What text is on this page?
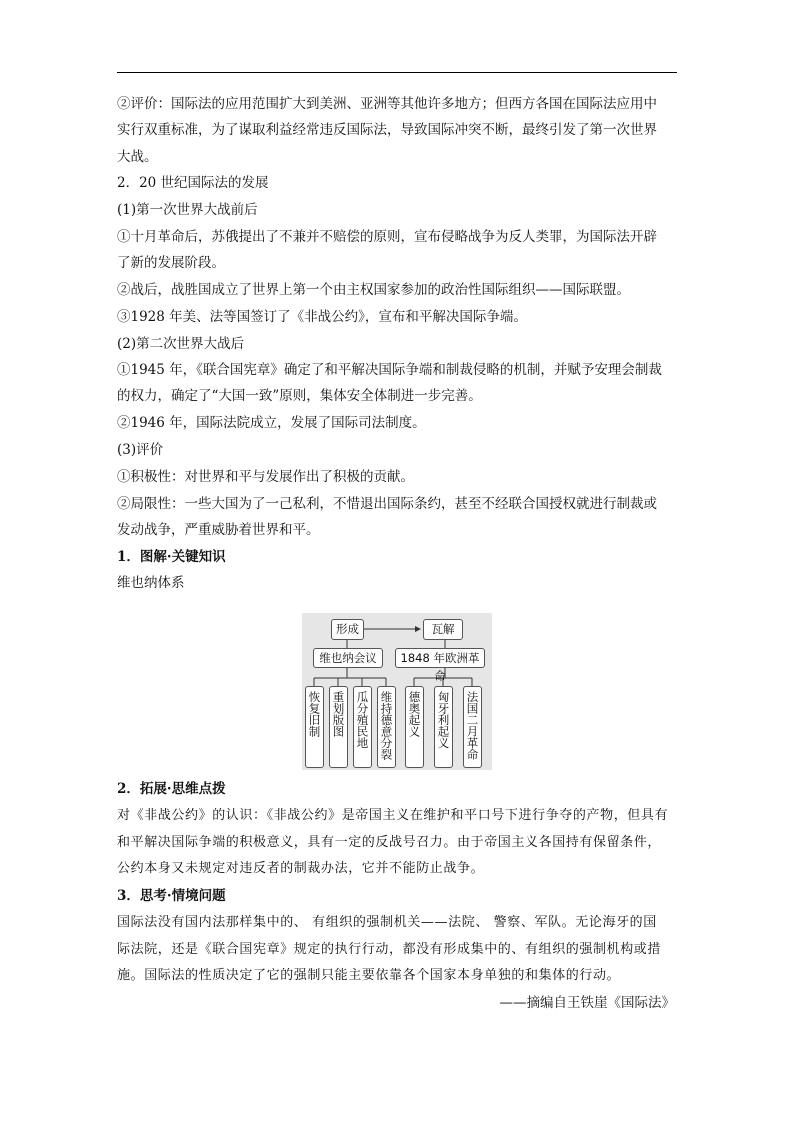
②评价：国际法的应用范围扩大到美洲、亚洲等其他许多地方；但西方各国在国际法应用中
实行双重标准，为了谋取利益经常违反国际法，导致国际冲突不断，最终引发了第一次世界
大战。
2．20 世纪国际法的发展
(1)第一次世界大战前后
①十月革命后，苏俄提出了不兼并不赔偿的原则，宣布侵略战争为反人类罪，为国际法开辟
了新的发展阶段。
②战后，战胜国成立了世界上第一个由主权国家参加的政治性国际组织——国际联盟。
③1928 年美、法等国签订了《非战公约》，宣布和平解决国际争端。
(2)第二次世界大战后
①1945 年，《联合国宪章》确定了和平解决国际争端和制裁侵略的机制，并赋予安理会制裁
的权力，确定了“大国一致”原则，集体安全体制进一步完善。
②1946 年，国际法院成立，发展了国际司法制度。
(3)评价
①积极性：对世界和平与发展作出了积极的贡献。
②局限性：一些大国为了一己私利，不惜退出国际条约，甚至不经联合国授权就进行制裁或
发动战争，严重威胁着世界和平。
1．图解·关键知识
维也纳体系
形成	瓦解
维也纳会议	1848 年欧洲革命
恢复旧制 重划版图 瓜分殖民地 维持德意分裂 德奥起义 匈牙利起义 法国二月革命
2．拓展·思维点拨
对《非战公约》的认识：《非战公约》是帝国主义在维护和平口号下进行争夺的产物，但具有
和平解决国际争端的积极意义，具有一定的反战号召力。由于帝国主义各国持有保留条件，
公约本身又未规定对违反者的制裁办法，它并不能防止战争。
3．思考·情境问题
国际法没有国内法那样集中的、 有组织的强制机关——法院、 警察、军队。无论海牙的国
际法院，还是《联合国宪章》规定的执行行动，都没有形成集中的、有组织的强制机构或措
施。国际法的性质决定了它的强制只能主要依靠各个国家本身单独的和集体的行动。
——摘编自王铁崖《国际法》
